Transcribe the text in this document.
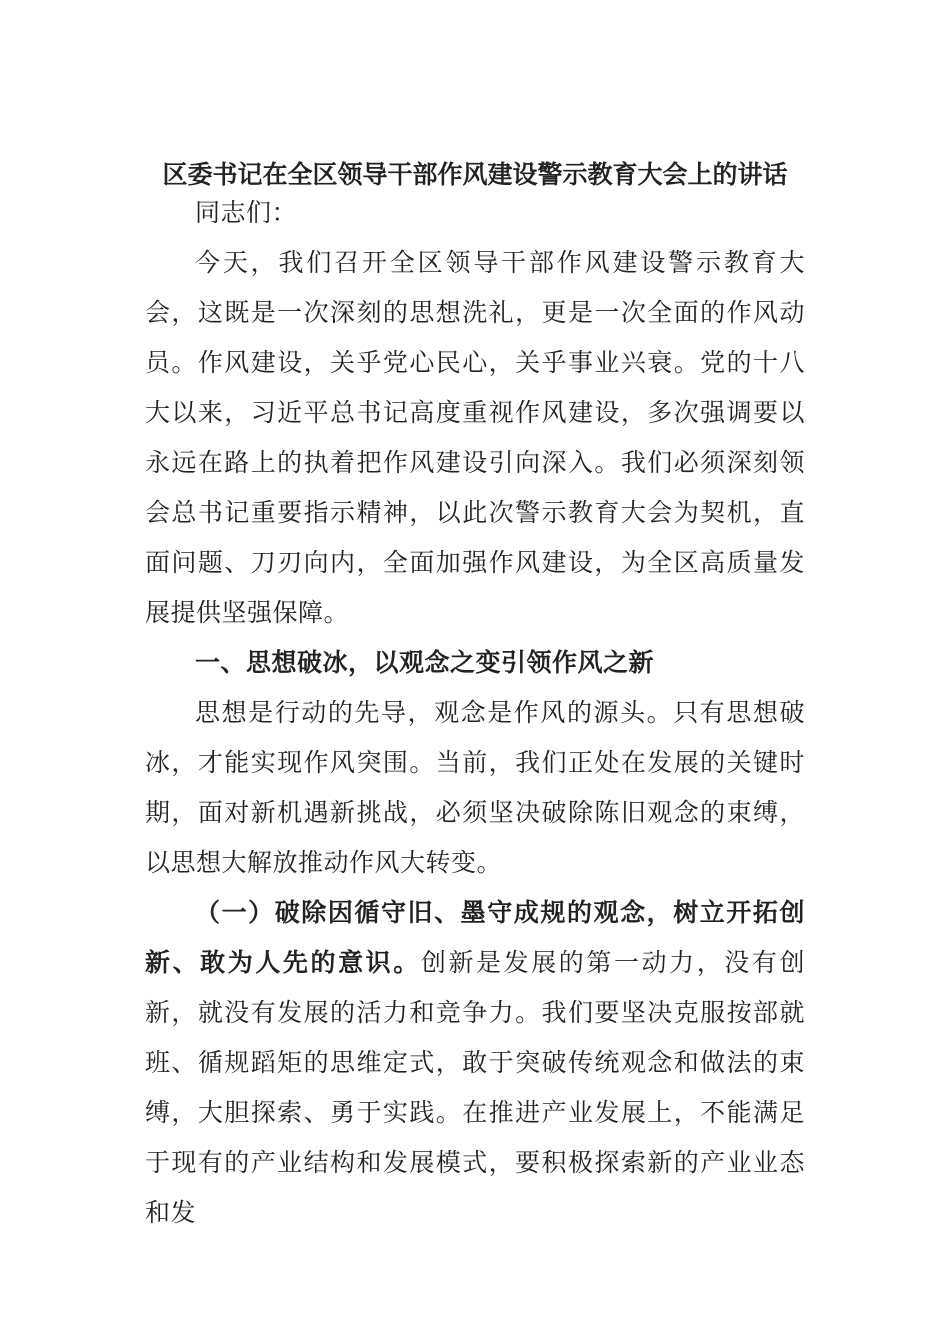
区委书记在全区领导干部作风建设警示教育大会上的讲话

同志们：

今天，我们召开全区领导干部作风建设警示教育大会，这既是一次深刻的思想洗礼，更是一次全面的作风动员。作风建设，关乎党心民心，关乎事业兴衰。党的十八大以来，习近平总书记高度重视作风建设，多次强调要以永远在路上的执着把作风建设引向深入。我们必须深刻领会总书记重要指示精神，以此次警示教育大会为契机，直面问题、刀刃向内，全面加强作风建设，为全区高质量发展提供坚强保障。

一、思想破冰，以观念之变引领作风之新

思想是行动的先导，观念是作风的源头。只有思想破冰，才能实现作风突围。当前，我们正处在发展的关键时期，面对新机遇新挑战，必须坚决破除陈旧观念的束缚，以思想大解放推动作风大转变。

（一）破除因循守旧、墨守成规的观念，树立开拓创新、敢为人先的意识。创新是发展的第一动力，没有创新，就没有发展的活力和竞争力。我们要坚决克服按部就班、循规蹈矩的思维定式，敢于突破传统观念和做法的束缚，大胆探索、勇于实践。在推进产业发展上，不能满足于现有的产业结构和发展模式，要积极探索新的产业业态和发
